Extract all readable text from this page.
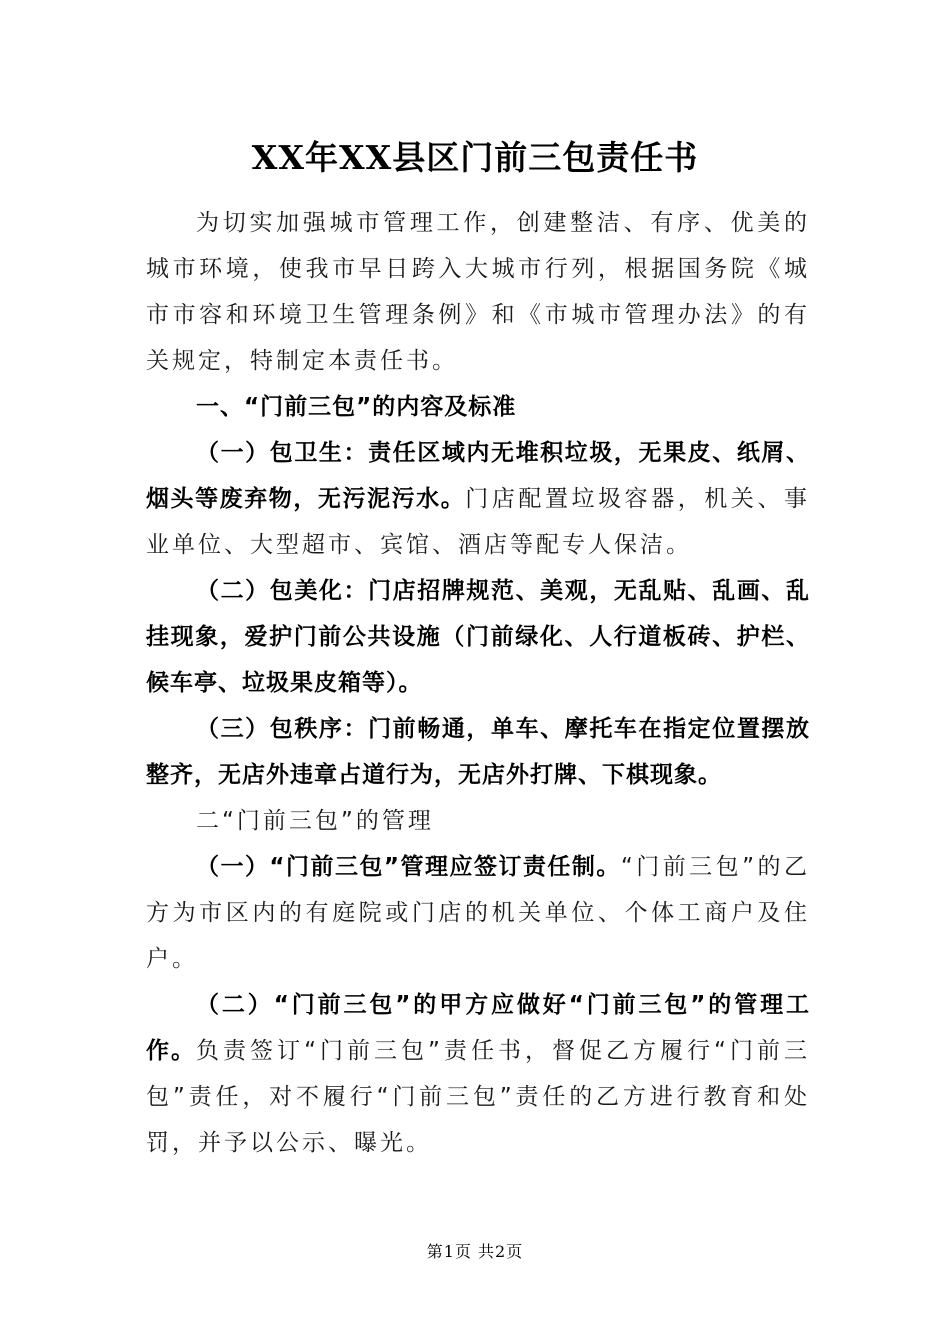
XX年XX县区门前三包责任书

为切实加强城市管理工作，创建整洁、有序、优美的城市环境，使我市早日跨入大城市行列，根据国务院《城市市容和环境卫生管理条例》和《市城市管理办法》的有关规定，特制定本责任书。

一、“门前三包”的内容及标准

（一）包卫生：责任区域内无堆积垃圾，无果皮、纸屑、烟头等废弃物，无污泥污水。门店配置垃圾容器，机关、事业单位、大型超市、宾馆、酒店等配专人保洁。

（二）包美化：门店招牌规范、美观，无乱贴、乱画、乱挂现象，爱护门前公共设施（门前绿化、人行道板砖、护栏、候车亭、垃圾果皮箱等）。

（三）包秩序：门前畅通，单车、摩托车在指定位置摆放整齐，无店外违章占道行为，无店外打牌、下棋现象。

二“门前三包”的管理

（一）“门前三包”管理应签订责任制。“门前三包”的乙方为市区内的有庭院或门店的机关单位、个体工商户及住户。

（二）“门前三包”的甲方应做好“门前三包”的管理工作。负责签订“门前三包”责任书，督促乙方履行“门前三包”责任，对不履行“门前三包”责任的乙方进行教育和处罚，并予以公示、曝光。

第1页 共2页
